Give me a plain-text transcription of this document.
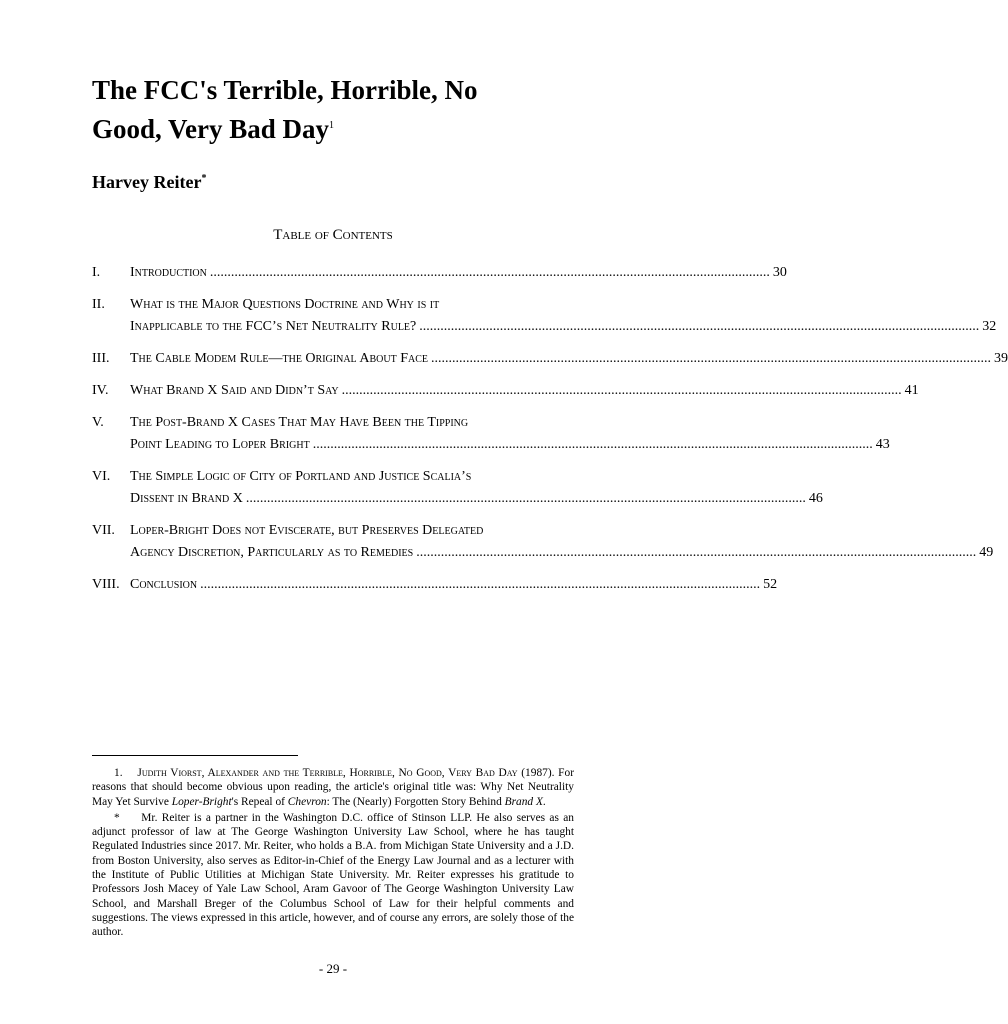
The FCC's Terrible, Horrible, No
Good, Very Bad Day$^1$
Harvey Reiter*
Table of Contents
I.	Introduction .....	30
II.	What is the Major Questions Doctrine and Why is it
Inapplicable to the FCC’s Net Neutrality Rule? .....	32
III.	The Cable Modem Rule—the Original About Face .....	39
IV.	What Brand X Said and Didn’t Say .....	41
V.	The Post-Brand X Cases That May Have Been the Tipping
Point Leading to Loper Bright .....	43
VI.	The Simple Logic of City of Portland and Justice Scalia’s
Dissent in Brand X .....	46
VII.	Loper-Bright Does not Eviscerate, but Preserves Delegated
Agency Discretion, Particularly as to Remedies .....	49
VIII. Conclusion .....	52

1. Judith Viorst, Alexander and the Terrible, Horrible, No Good, Very Bad Day (1987). For reasons that should become obvious upon reading, the article's original title was: Why Net Neutrality May Yet Survive Loper-Bright's Repeal of Chevron: The (Nearly) Forgotten Story Behind Brand X.

* Mr. Reiter is a partner in the Washington D.C. office of Stinson LLP. He also serves as an adjunct professor of law at The George Washington University Law School, where he has taught Regulated Industries since 2017. Mr. Reiter, who holds a B.A. from Michigan State University and a J.D. from Boston University, also serves as Editor-in-Chief of the Energy Law Journal and as a lecturer with the Institute of Public Utilities at Michigan State University. Mr. Reiter expresses his gratitude to Professors Josh Macey of Yale Law School, Aram Gavoor of The George Washington University Law School, and Marshall Breger of the Columbus School of Law for their helpful comments and suggestions. The views expressed in this article, however, and of course any errors, are solely those of the author.

- 29 -
